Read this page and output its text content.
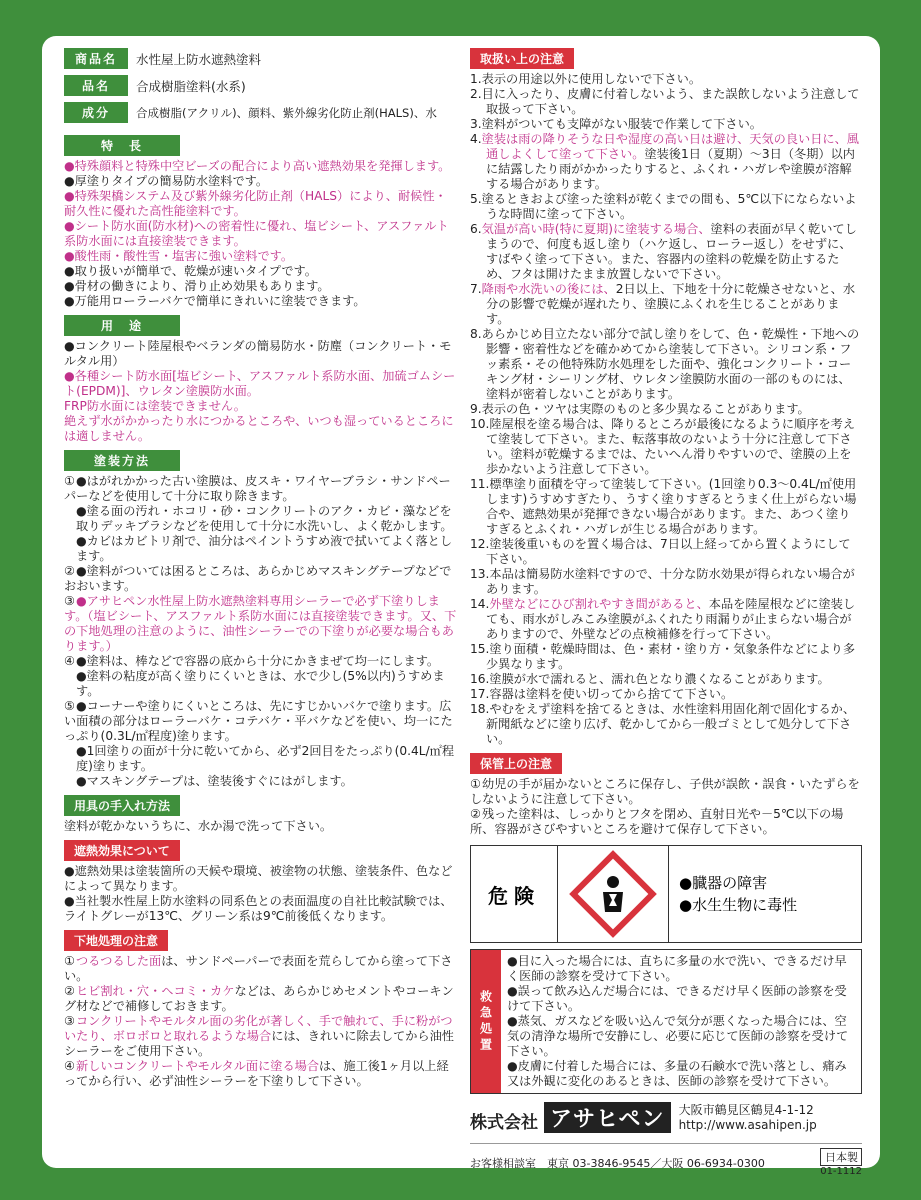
商品名	水性屋上防水遮熱塗料
品名	合成樹脂塗料(水系)
成分	合成樹脂(アクリル)、顔料、紫外線劣化防止剤(HALS)、水
特　長
●特殊顔料と特殊中空ビーズの配合により高い遮熱効果を発揮します。
●厚塗りタイプの簡易防水塗料です。
●特殊架橋システム及び紫外線劣化防止剤（HALS）により、耐候性・耐久性に優れた高性能塗料です。
●シート防水面(防水材)への密着性に優れ、塩ビシート、アスファルト系防水面には直接塗装できます。
●酸性雨・酸性雪・塩害に強い塗料です。
●取り扱いが簡単で、乾燥が速いタイプです。
●骨材の働きにより、滑り止め効果もあります。
●万能用ローラーバケで簡単にきれいに塗装できます。
用　途
●コンクリート陸屋根やベランダの簡易防水・防塵（コンクリート・モルタル用）
●各種シート防水面[塩ビシート、アスファルト系防水面、加硫ゴムシート(EPDM)]、ウレタン塗膜防水面。
FRP防水面には塗装できません。
絶えず水がかかったり水につかるところや、いつも湿っているところには適しません。
塗装方法
①●はがれかかった古い塗膜は、皮スキ・ワイヤーブラシ・サンドペーパーなどを使用して十分に取り除きます。
●塗る面の汚れ・ホコリ・砂・コンクリートのアク・カビ・藻などを取りデッキブラシなどを使用して十分に水洗いし、よく乾かします。
●カビはカビトリ剤で、油分はペイントうすめ液で拭いてよく落とします。
②●塗料がついては困るところは、あらかじめマスキングテープなどでおおいます。
③●アサヒペン水性屋上防水遮熱塗料専用シーラーで必ず下塗りします。（塩ビシート、アスファルト系防水面には直接塗装できます。又、下の下地処理の注意のように、油性シーラーでの下塗りが必要な場合もあります。）
④●塗料は、棒などで容器の底から十分にかきまぜて均一にします。
●塗料の粘度が高く塗りにくいときは、水で少し(5%以内)うすめます。
⑤●コーナーや塗りにくいところは、先にすじかいバケで塗ります。広い面積の部分はローラーバケ・コテバケ・平バケなどを使い、均一にたっぷり(0.3L/㎡程度)塗ります。
●1回塗りの面が十分に乾いてから、必ず2回目をたっぷり(0.4L/㎡程度)塗ります。
●マスキングテープは、塗装後すぐにはがします。
用具の手入れ方法
塗料が乾かないうちに、水か湯で洗って下さい。
遮熱効果について
●遮熱効果は塗装箇所の天候や環境、被塗物の状態、塗装条件、色などによって異なります。
●当社製水性屋上防水塗料の同系色との表面温度の自社比較試験では、ライトグレーが13℃、グリーン系は9℃前後低くなります。
下地処理の注意
①つるつるした面は、サンドペーパーで表面を荒らしてから塗って下さい。
②ヒビ割れ・穴・ヘコミ・カケなどは、あらかじめセメントやコーキング材などで補修しておきます。
③コンクリートやモルタル面の劣化が著しく、手で触れて、手に粉がついたり、ボロボロと取れるような場合には、きれいに除去してから油性シーラーをご使用下さい。
④新しいコンクリートやモルタル面に塗る場合は、施工後1ヶ月以上経ってから行い、必ず油性シーラーを下塗りして下さい。
取扱い上の注意
1.表示の用途以外に使用しないで下さい。
2.目に入ったり、皮膚に付着しないよう、また誤飲しないよう注意して取扱って下さい。
3.塗料がついても支障がない服装で作業して下さい。
4.塗装は雨の降りそうな日や湿度の高い日は避け、天気の良い日に、風通しよくして塗って下さい。塗装後1日（夏期）～3日（冬期）以内に結露したり雨がかかったりすると、ふくれ・ハガレや塗膜が溶解する場合があります。
5.塗るときおよび塗った塗料が乾くまでの間も、5℃以下にならないような時間に塗って下さい。
6.気温が高い時(特に夏期)に塗装する場合、塗料の表面が早く乾いてしまうので、何度も返し塗り（ハケ返し、ローラー返し）をせずに、すばやく塗って下さい。また、容器内の塗料の乾燥を防止するため、フタは開けたまま放置しないで下さい。
7.降雨や水洗いの後には、2日以上、下地を十分に乾燥させないと、水分の影響で乾燥が遅れたり、塗膜にふくれを生じることがあります。
8.あらかじめ目立たない部分で試し塗りをして、色・乾燥性・下地への影響・密着性などを確かめてから塗装して下さい。シリコン系・フッ素系・その他特殊防水処理をした面や、強化コンクリート・コーキング材・シーリング材、ウレタン塗膜防水面の一部のものには、塗料が密着しないことがあります。
9.表示の色・ツヤは実際のものと多少異なることがあります。
10.陸屋根を塗る場合は、降りるところが最後になるように順序を考えて塗装して下さい。また、転落事故のないよう十分に注意して下さい。塗料が乾燥するまでは、たいへん滑りやすいので、塗膜の上を歩かないよう注意して下さい。
11.標準塗り面積を守って塗装して下さい。(1回塗り0.3～0.4L/㎡使用します)うすめすぎたり、うすく塗りすぎるとうまく仕上がらない場合や、遮熱効果が発揮できない場合があります。また、あつく塗りすぎるとふくれ・ハガレが生じる場合があります。
12.塗装後重いものを置く場合は、7日以上経ってから置くようにして下さい。
13.本品は簡易防水塗料ですので、十分な防水効果が得られない場合があります。
14.外壁などにひび割れやすき間があると、本品を陸屋根などに塗装しても、雨水がしみこみ塗膜がふくれたり雨漏りが止まらない場合がありますので、外壁などの点検補修を行って下さい。
15.塗り面積・乾燥時間は、色・素材・塗り方・気象条件などにより多少異なります。
16.塗膜が水で濡れると、濡れ色となり濃くなることがあります。
17.容器は塗料を使い切ってから捨てて下さい。
18.やむをえず塗料を捨てるときは、水性塗料用固化剤で固化するか、新聞紙などに塗り広げ、乾かしてから一般ゴミとして処分して下さい。
保管上の注意
①幼児の手が届かないところに保存し、子供が誤飲・誤食・いたずらをしないように注意して下さい。
②残った塗料は、しっかりとフタを閉め、直射日光や－5℃以下の場所、容器がさびやすいところを避けて保存して下さい。
危険
●臓器の障害
●水生生物に毒性
救急処置
●目に入った場合には、直ちに多量の水で洗い、できるだけ早く医師の診察を受けて下さい。
●誤って飲み込んだ場合には、できるだけ早く医師の診察を受けて下さい。
●蒸気、ガスなどを吸い込んで気分が悪くなった場合には、空気の清浄な場所で安静にし、必要に応じて医師の診察を受けて下さい。
●皮膚に付着した場合には、多量の石鹸水で洗い落とし、痛み又は外観に変化のあるときは、医師の診察を受けて下さい。
株式会社 アサヒペン	大阪市鶴見区鶴見4-1-12
http://www.asahipen.jp
お客様相談室　東京 03-3846-9545／大阪 06-6934-0300	日本製
01-1112
